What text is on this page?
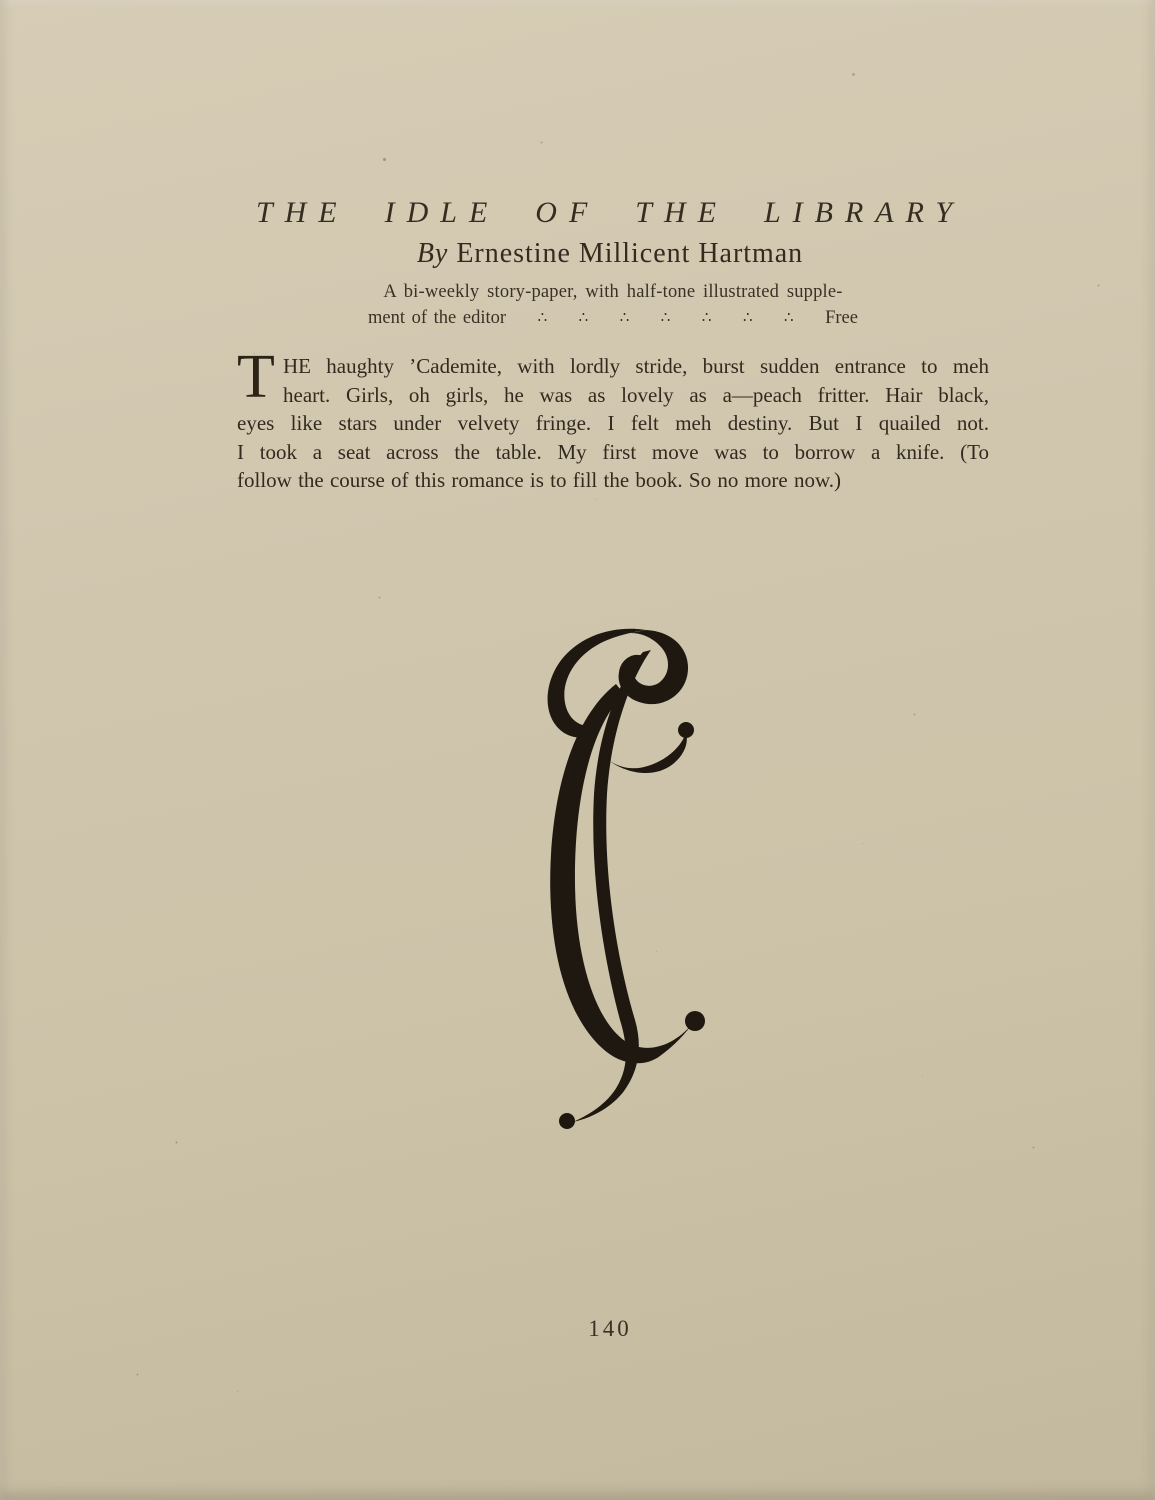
THE IDLE OF THE LIBRARY
By Ernestine Millicent Hartman
A bi-weekly story-paper, with half-tone illustrated supple-
ment of the editor ∴ ∴ ∴ ∴ ∴ ∴ ∴ Free
T HE haughty ’Cademite, with lordly stride, burst sudden entrance to meh
heart. Girls, oh girls, he was as lovely as a—peach fritter. Hair black,
eyes like stars under velvety fringe. I felt meh destiny. But I quailed not.
I took a seat across the table. My first move was to borrow a knife. (To
follow the course of this romance is to fill the book. So no more now.)
140
